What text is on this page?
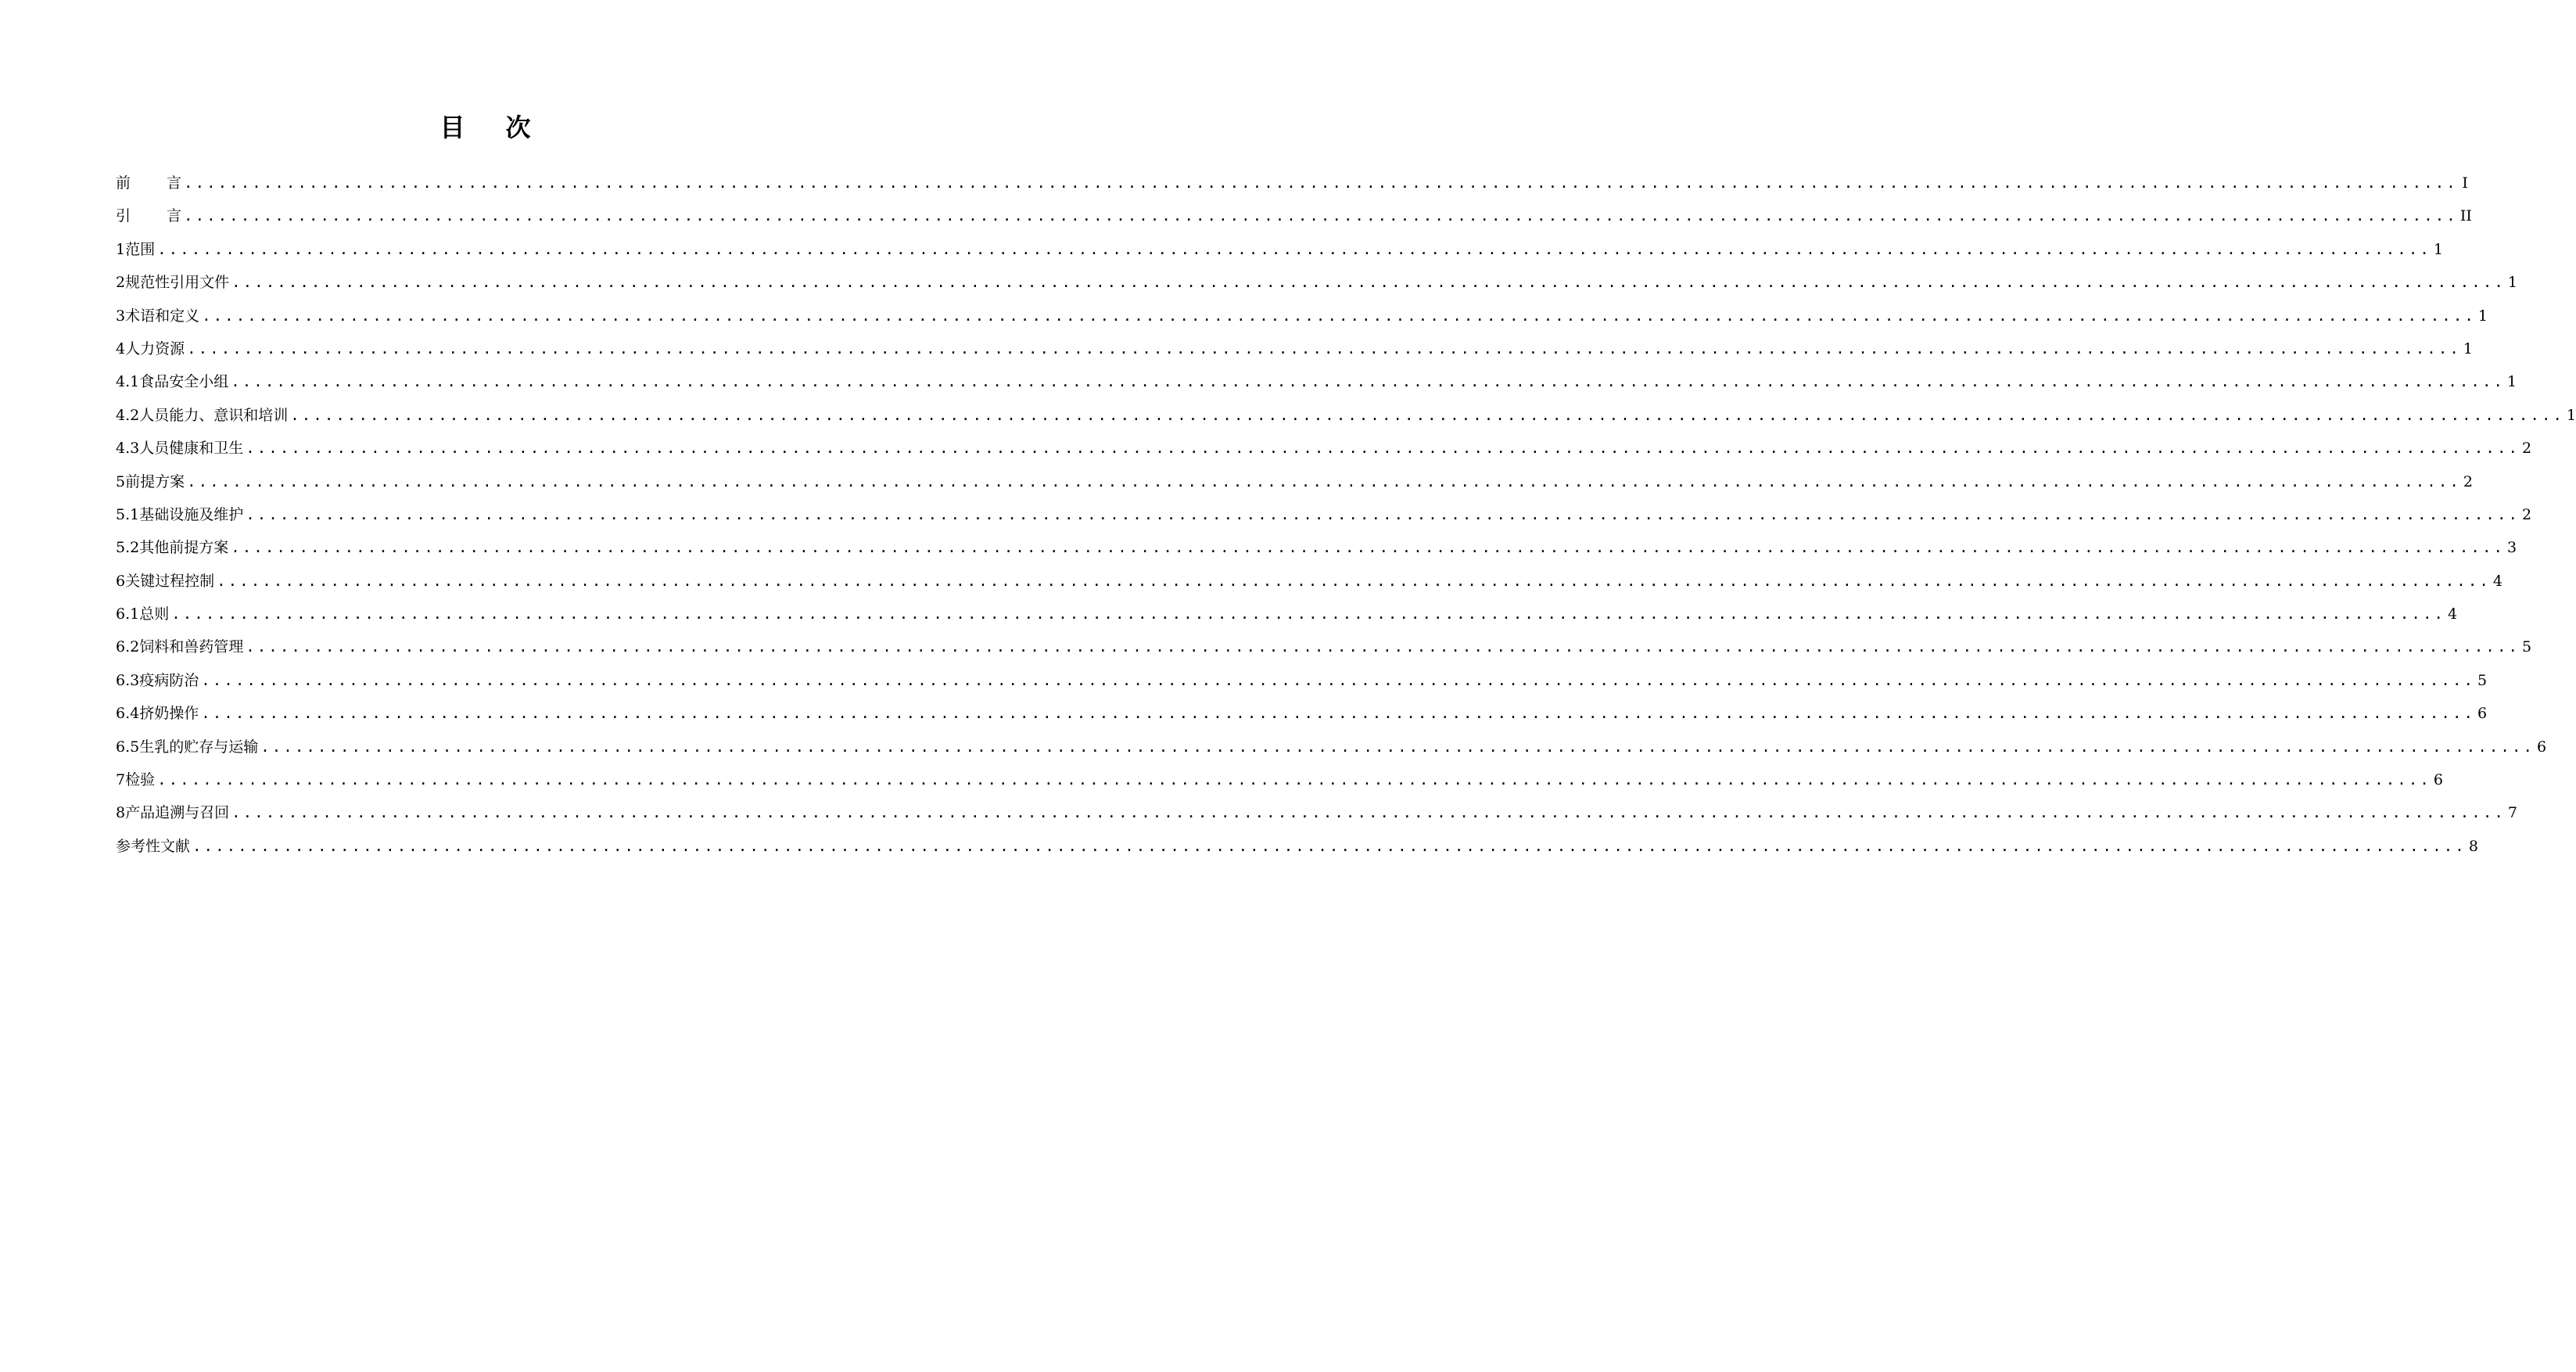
目 次
前 言 ........................................................................................................................................................................................................ I
引 言 ........................................................................................................................................................................................................ II
1 范围 ........................................................................................................................................................................................................ 1
2 规范性引用文件 ........................................................................................................................................................................................................ 1
3 术语和定义 ........................................................................................................................................................................................................ 1
4 人力资源 ........................................................................................................................................................................................................ 1
4.1 食品安全小组 ........................................................................................................................................................................................................ 1
4.2 人员能力、意识和培训 ........................................................................................................................................................................................................ 1
4.3 人员健康和卫生 ........................................................................................................................................................................................................ 2
5 前提方案 ........................................................................................................................................................................................................ 2
5.1 基础设施及维护 ........................................................................................................................................................................................................ 2
5.2 其他前提方案 ........................................................................................................................................................................................................ 3
6 关键过程控制 ........................................................................................................................................................................................................ 4
6.1 总则 ........................................................................................................................................................................................................ 4
6.2 饲料和兽药管理 ........................................................................................................................................................................................................ 5
6.3 疫病防治 ........................................................................................................................................................................................................ 5
6.4 挤奶操作 ........................................................................................................................................................................................................ 6
6.5 生乳的贮存与运输 ........................................................................................................................................................................................................ 6
7 检验 ........................................................................................................................................................................................................ 6
8 产品追溯与召回 ........................................................................................................................................................................................................ 7
参考性文献 ........................................................................................................................................................................................................ 8
